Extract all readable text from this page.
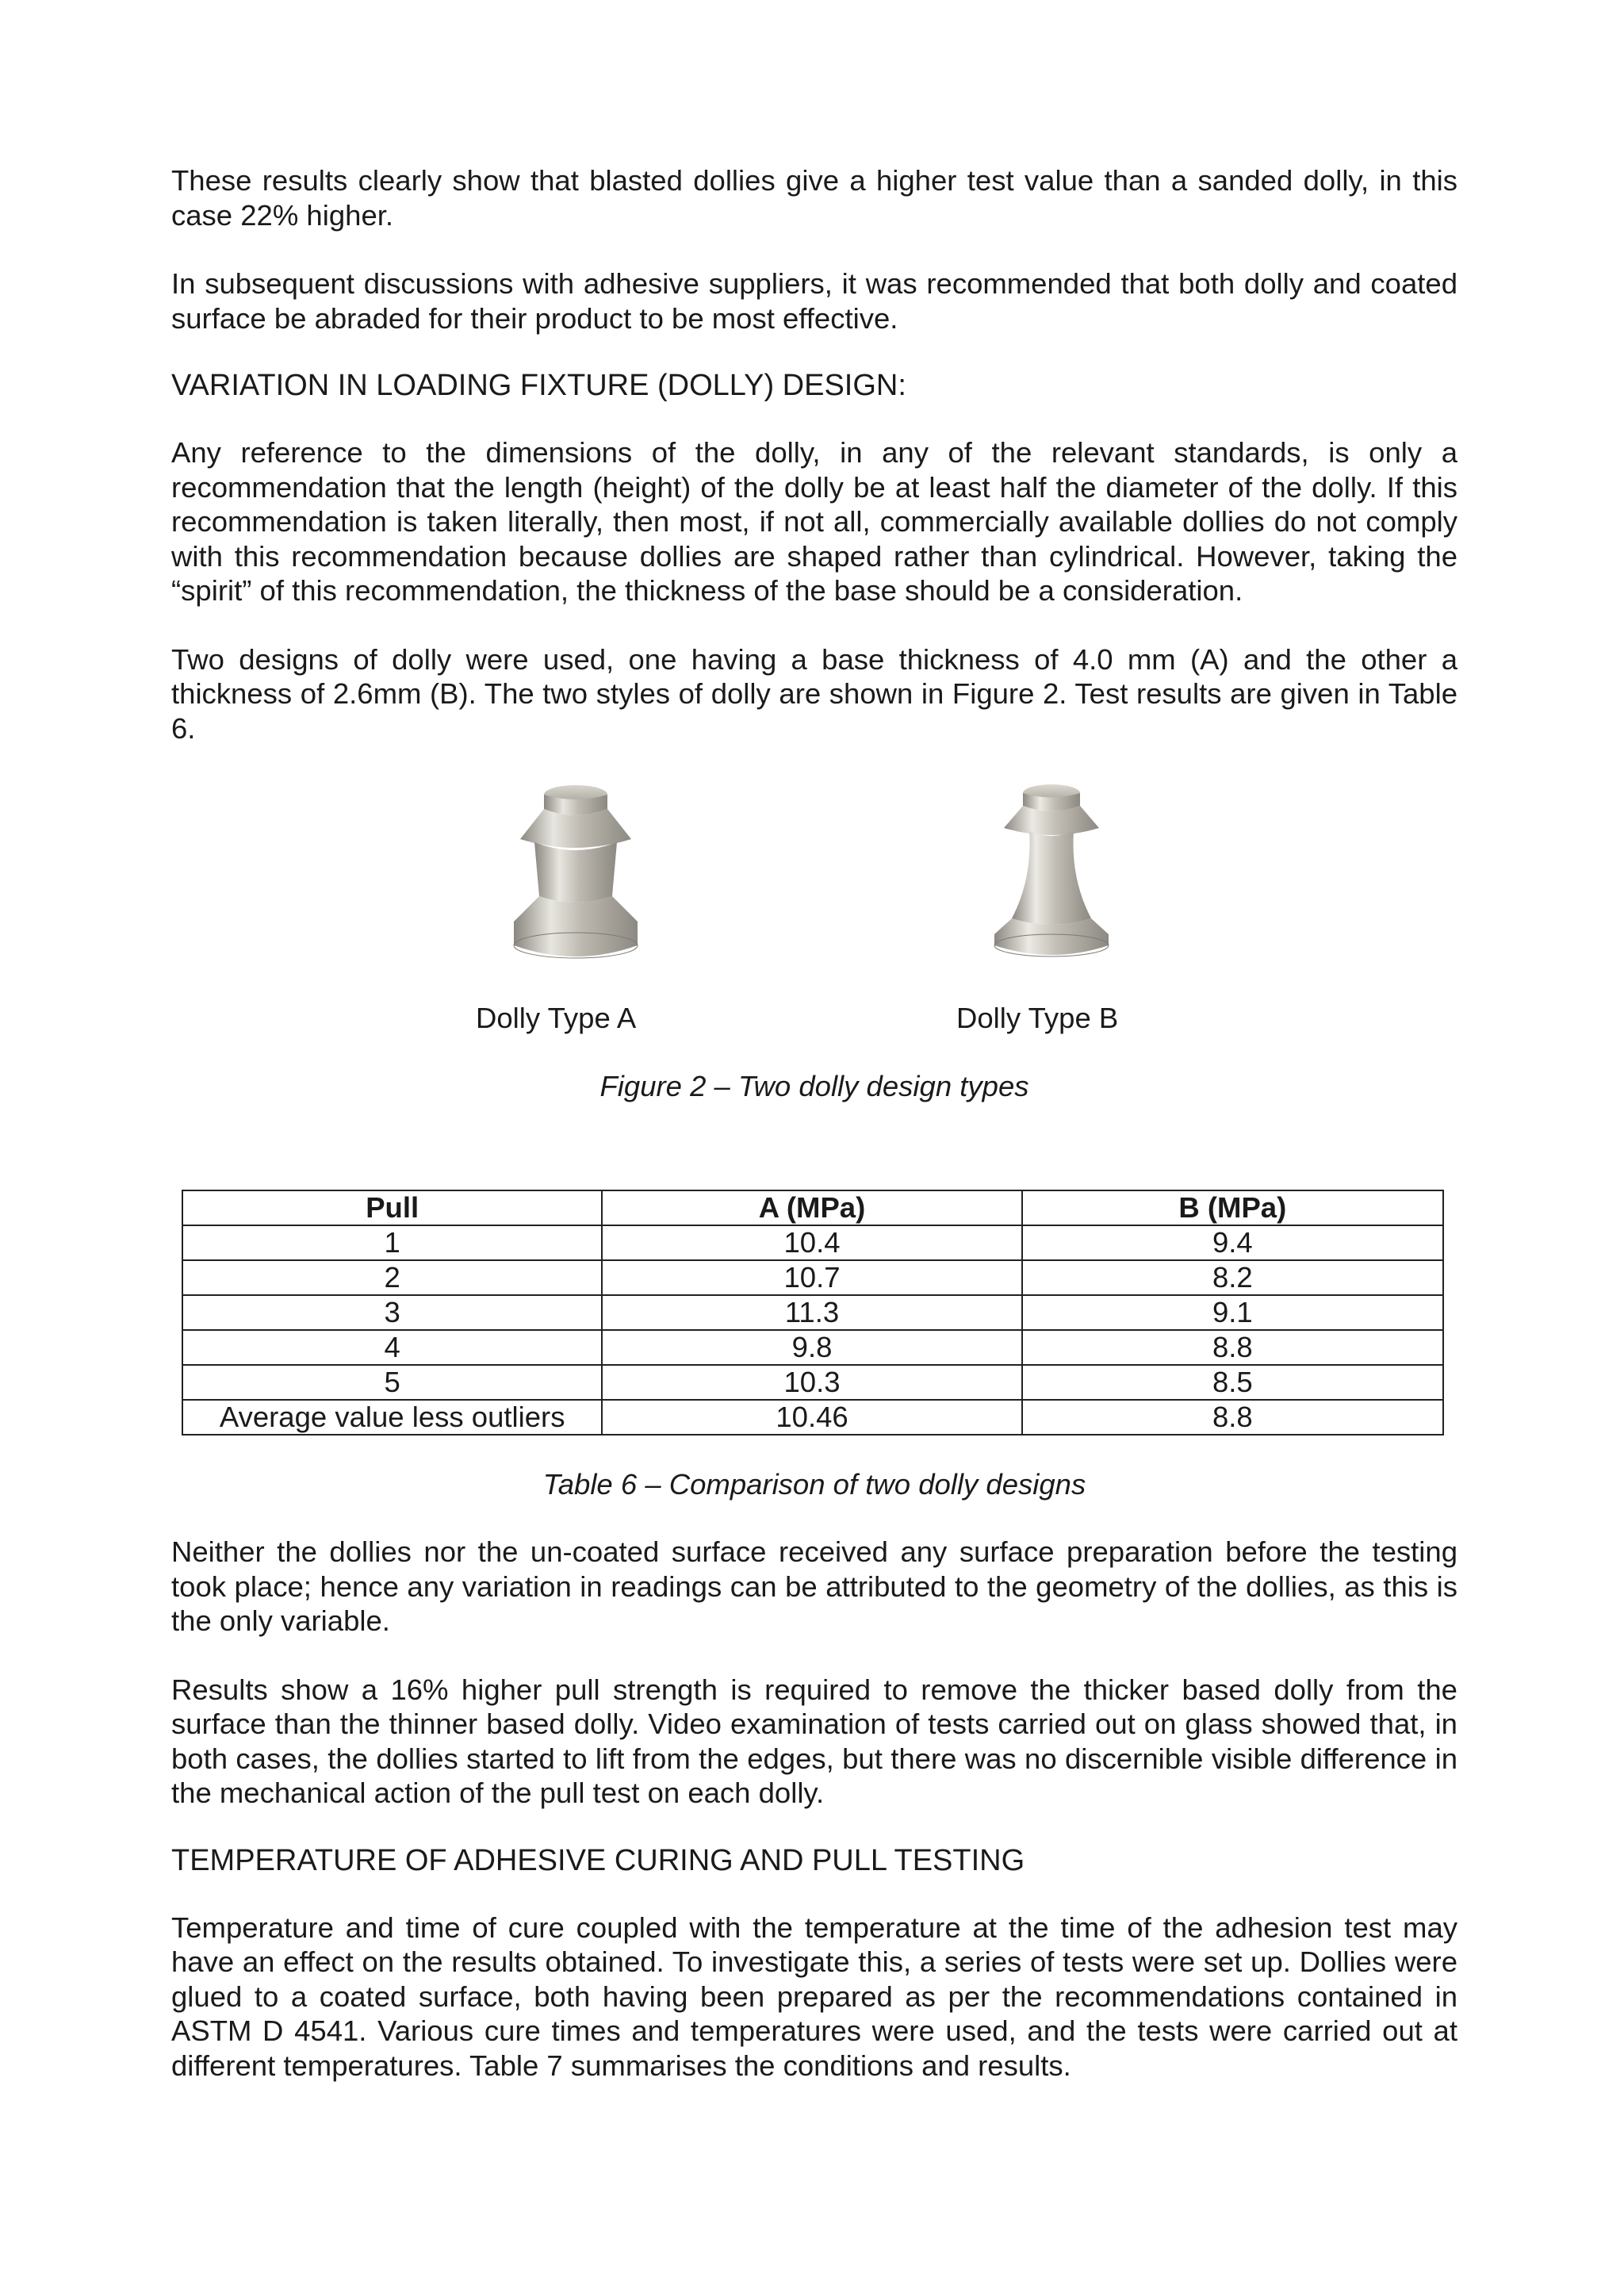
These results clearly show that blasted dollies give a higher test value than a sanded dolly, in this case 22% higher.

In subsequent discussions with adhesive suppliers, it was recommended that both dolly and coated surface be abraded for their product to be most effective.

VARIATION IN LOADING FIXTURE (DOLLY) DESIGN:

Any reference to the dimensions of the dolly, in any of the relevant standards, is only a recommendation that the length (height) of the dolly be at least half the diameter of the dolly. If this recommendation is taken literally, then most, if not all, commercially available dollies do not comply with this recommendation because dollies are shaped rather than cylindrical. However, taking the “spirit” of this recommendation, the thickness of the base should be a consideration.

Two designs of dolly were used, one having a base thickness of 4.0 mm (A) and the other a thickness of 2.6mm (B). The two styles of dolly are shown in Figure 2. Test results are given in Table 6.

Dolly Type A	Dolly Type B
Figure 2 – Two dolly design types
Pull	A (MPa)	B (MPa)
1	10.4	9.4
2	10.7	8.2
3	11.3	9.1
4	9.8	8.8
5	10.3	8.5
Average value less outliers	10.46	8.8
Table 6 – Comparison of two dolly designs

Neither the dollies nor the un-coated surface received any surface preparation before the testing took place; hence any variation in readings can be attributed to the geometry of the dollies, as this is the only variable.

Results show a 16% higher pull strength is required to remove the thicker based dolly from the surface than the thinner based dolly. Video examination of tests carried out on glass showed that, in both cases, the dollies started to lift from the edges, but there was no discernible visible difference in the mechanical action of the pull test on each dolly.

TEMPERATURE OF ADHESIVE CURING AND PULL TESTING

Temperature and time of cure coupled with the temperature at the time of the adhesion test may have an effect on the results obtained. To investigate this, a series of tests were set up. Dollies were glued to a coated surface, both having been prepared as per the recommendations contained in ASTM D 4541. Various cure times and temperatures were used, and the tests were carried out at different temperatures. Table 7 summarises the conditions and results.
